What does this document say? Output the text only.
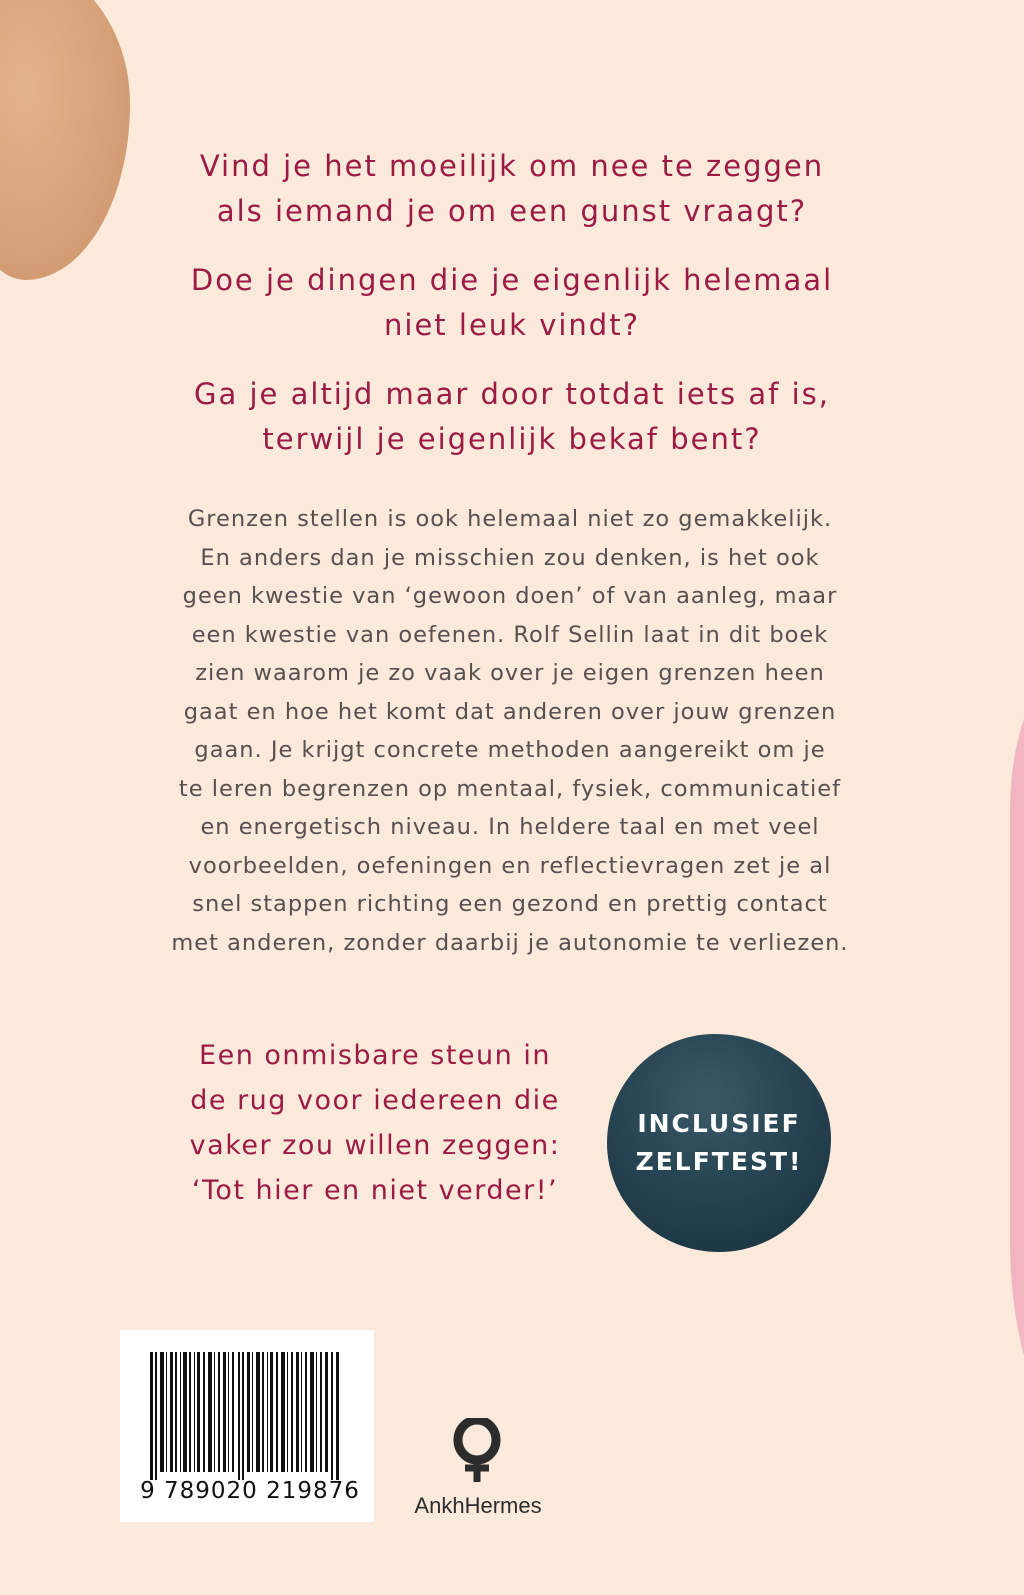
Vind je het moeilijk om nee te zeggen
als iemand je om een gunst vraagt?

Doe je dingen die je eigenlijk helemaal
niet leuk vindt?

Ga je altijd maar door totdat iets af is,
terwijl je eigenlijk bekaf bent?

Grenzen stellen is ook helemaal niet zo gemakkelijk.
En anders dan je misschien zou denken, is het ook
geen kwestie van ‘gewoon doen’ of van aanleg, maar
een kwestie van oefenen. Rolf Sellin laat in dit boek
zien waarom je zo vaak over je eigen grenzen heen
gaat en hoe het komt dat anderen over jouw grenzen
gaan. Je krijgt concrete methoden aangereikt om je
te leren begrenzen op mentaal, fysiek, communicatief
en energetisch niveau. In heldere taal en met veel
voorbeelden, oefeningen en reflectievragen zet je al
snel stappen richting een gezond en prettig contact
met anderen, zonder daarbij je autonomie te verliezen.
Een onmisbare steun in
de rug voor iedereen die
vaker zou willen zeggen:
‘Tot hier en niet verder!’
INCLUSIEF
ZELFTEST!
9 789020 219876
AnkhHermes
